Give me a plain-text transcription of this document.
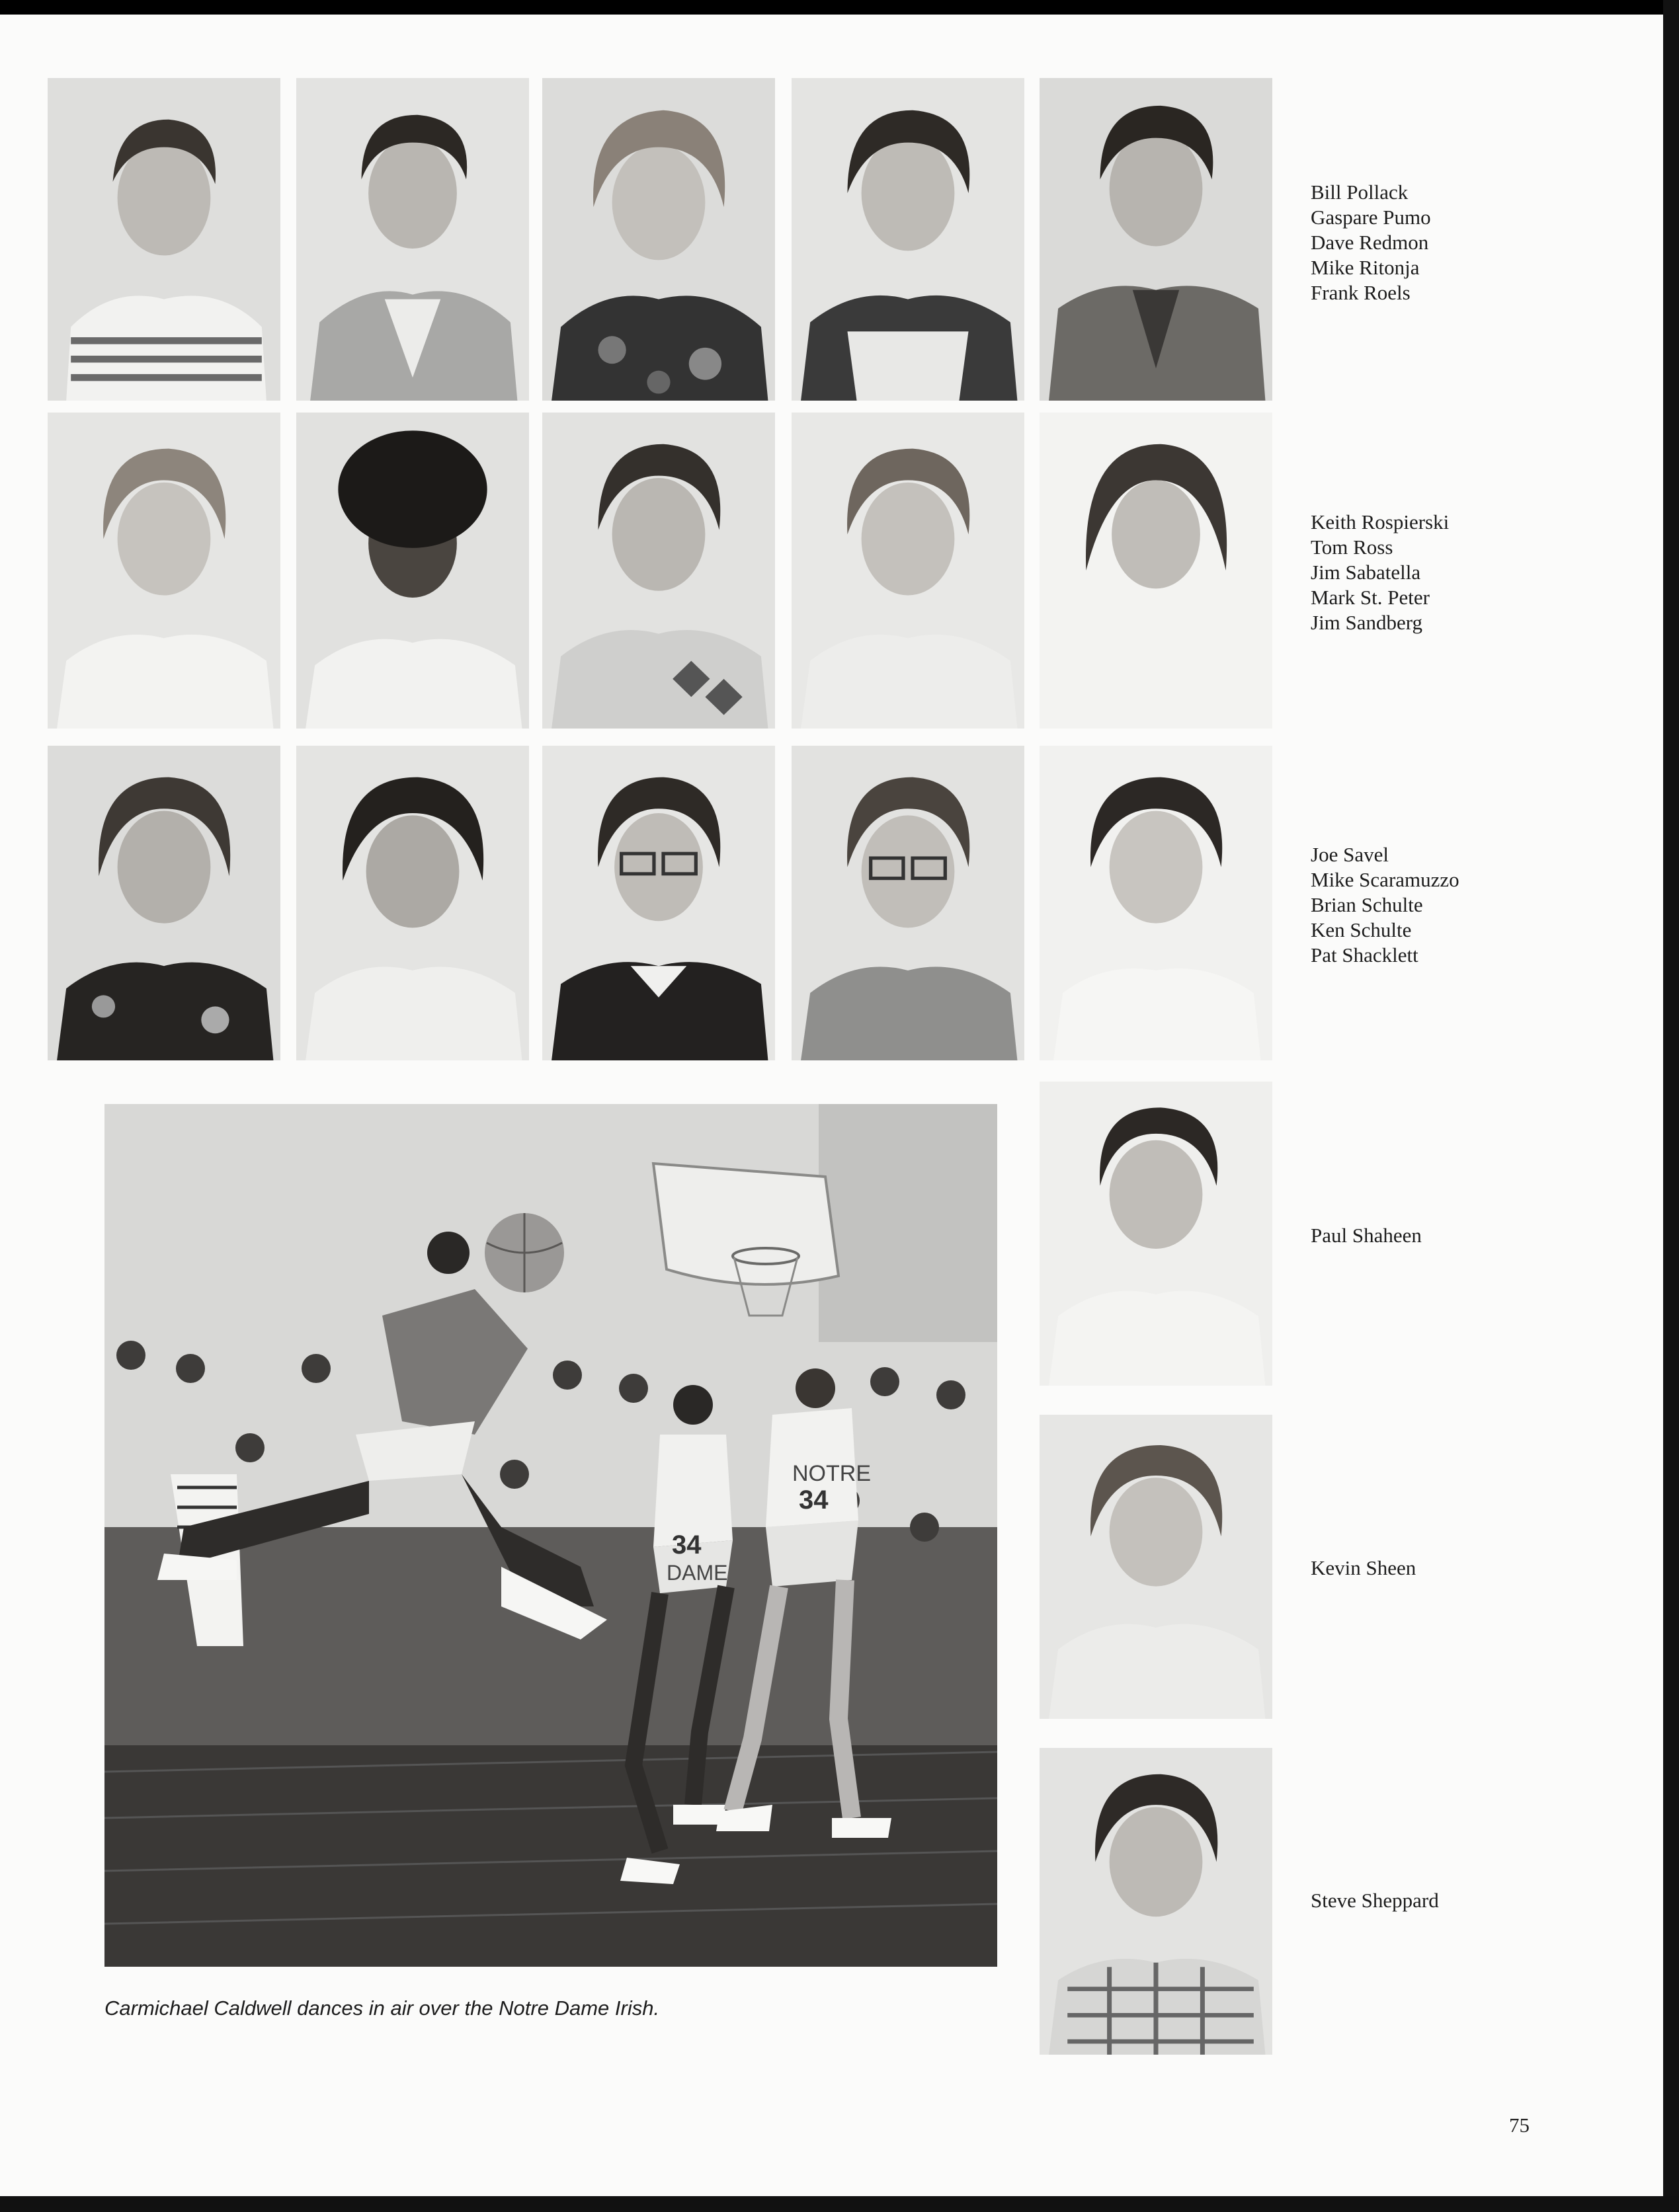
Bill Pollack
Gaspare Pumo
Dave Redmon
Mike Ritonja
Frank Roels
Keith Rospierski
Tom Ross
Jim Sabatella
Mark St. Peter
Jim Sandberg
Joe Savel
Mike Scaramuzzo
Brian Schulte
Ken Schulte
Pat Shacklett
NOTRE
34
34
DAME
Carmichael Caldwell dances in air over the Notre Dame Irish.
Paul Shaheen
Kevin Sheen
Steve Sheppard
75
